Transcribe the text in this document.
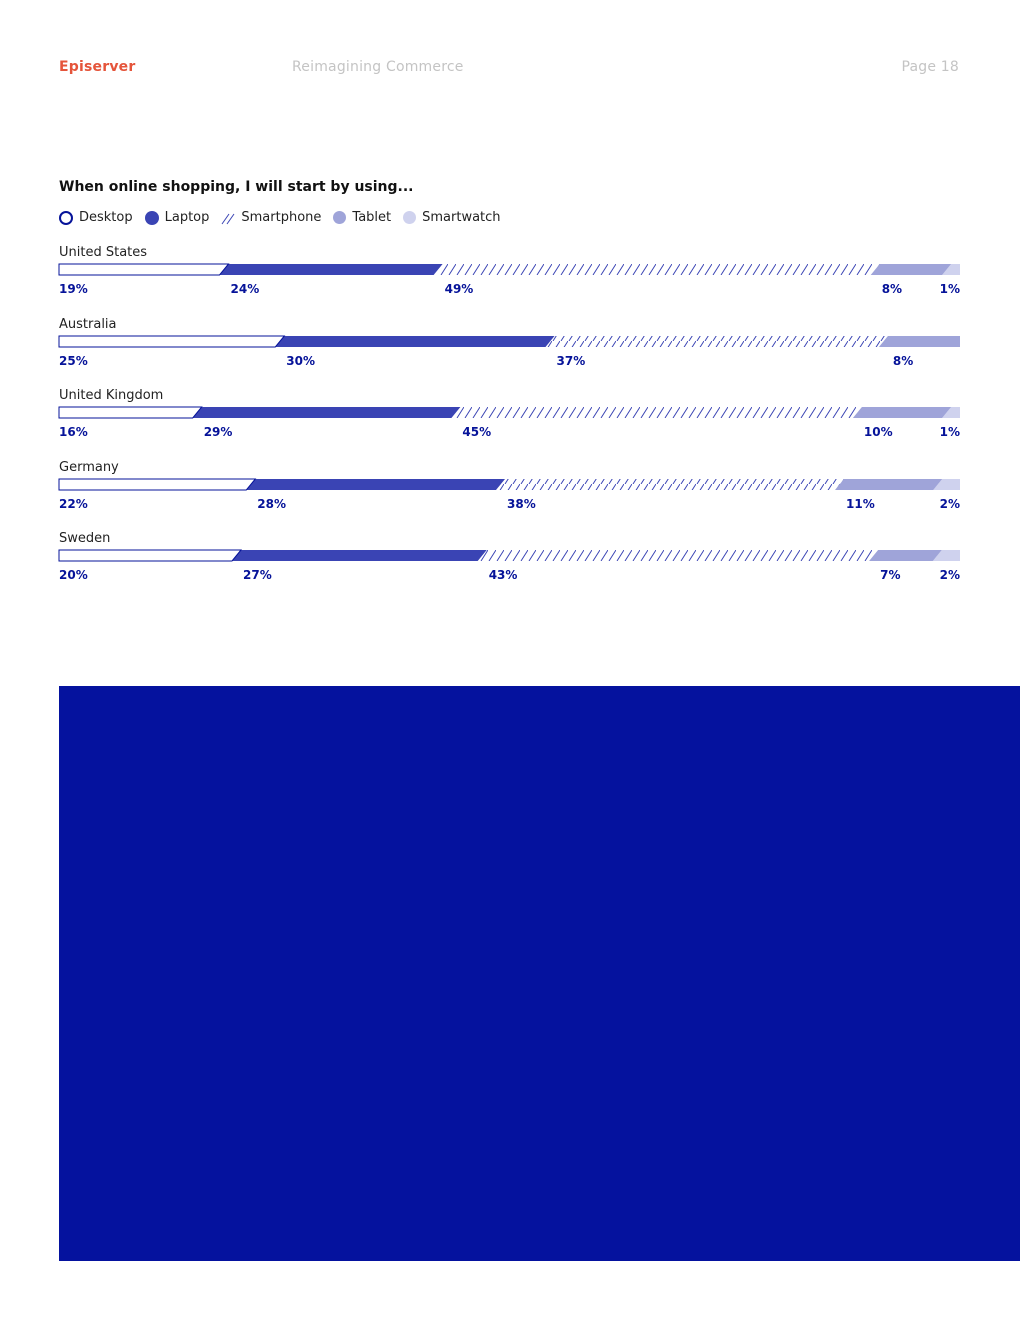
Episerver	Reimagining Commerce	Page 18
When online shopping, I will start by using...
Desktop Laptop Smartphone Tablet Smartwatch
United States
19%	24%	49%	8%	1%
Australia
25%	30%	37%	8%
United Kingdom
16%	29%	45%	10%	1%
Germany
22%	28%	38%	11%	2%
Sweden
20%	27%	43%	7%	2%
